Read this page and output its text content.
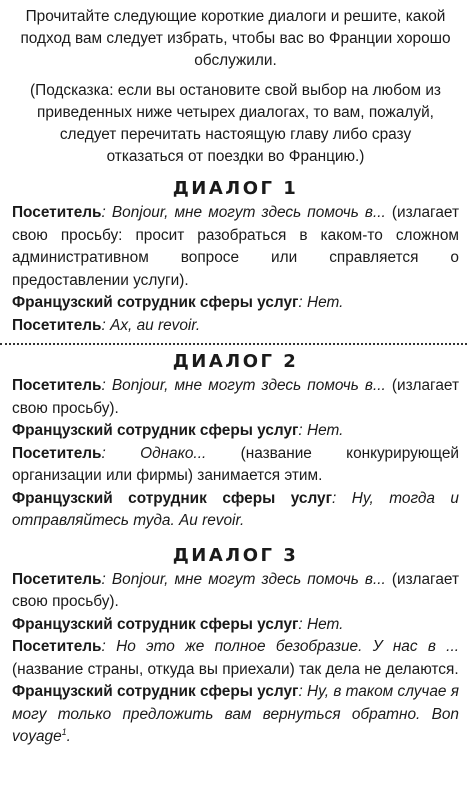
Прочитайте следующие короткие диалоги и решите, какой подход вам следует избрать, чтобы вас во Франции хорошо обслужили.

(Подсказка: если вы остановите свой выбор на любом из приведенных ниже четырех диалогах, то вам, пожалуй, следует перечитать настоящую главу либо сразу отказаться от поездки во Францию.)

ДИАЛОГ 1

Посетитель: Bonjour, мне могут здесь помочь в... (излагает свою просьбу: просит разобраться в каком-то сложном административном вопросе или справляется о предоставлении услуги).

Французский сотрудник сферы услуг: Нет.

Посетитель: Ах, au revoir.

ДИАЛОГ 2

Посетитель: Bonjour, мне могут здесь помочь в... (излагает свою просьбу).

Французский сотрудник сферы услуг: Нет.

Посетитель: Однако... (название конкурирующей организации или фирмы) занимается этим.

Французский сотрудник сферы услуг: Ну, тогда и отправляйтесь туда. Au revoir.

ДИАЛОГ 3

Посетитель: Bonjour, мне могут здесь помочь в... (излагает свою просьбу).

Французский сотрудник сферы услуг: Нет.

Посетитель: Но это же полное безобразие. У нас в ... (название страны, откуда вы приехали) так дела не делаются.

Французский сотрудник сферы услуг: Ну, в таком случае я могу только предложить вам вернуться обратно. Bon voyage$^1$.
